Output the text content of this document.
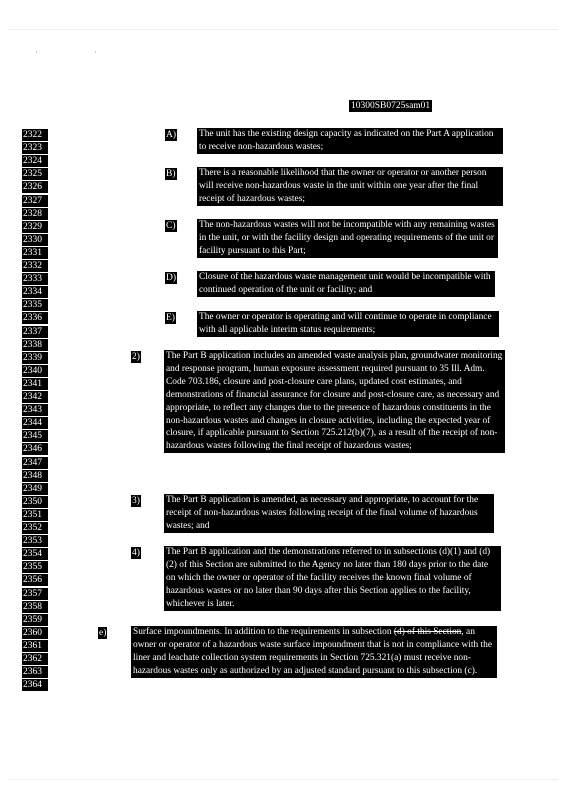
' '
10300SB0725sam01
2322
2323
2324
2325
2326
2327
2328
2329
2330
2331
2332
2333
2334
2335
2336
2337
2338
2339
2340
2341
2342
2343
2344
2345
2346
2347
2348
2349
2350
2351
2352
2353
2354
2355
2356
2357
2358
2359
2360
2361
2362
2363
2364
A) The unit has the existing design capacity as indicated on the Part A application to receive non-hazardous wastes;
B)	There is a reasonable likelihood that the owner or operator or another person will receive non-hazardous waste in the unit within one year after the final receipt of hazardous wastes;
C)	The non-hazardous wastes will not be incompatible with any remaining wastes in the unit, or with the facility design and operating requirements of the unit or facility pursuant to this Part;
D) Closure of the hazardous waste management unit would be incompatible with continued operation of the unit or facility; and
E)	The owner or operator is operating and will continue to operate in compliance with all applicable interim status requirements;
2)	The Part B application includes an amended waste analysis plan, groundwater monitoring and response program, human exposure assessment required pursuant to 35 Ill. Adm. Code 703.186, closure and post-closure care plans, updated cost estimates, and demonstrations of financial assurance for closure and post-closure care, as necessary and appropriate, to reflect any changes due to the presence of hazardous constituents in the non-hazardous wastes and changes in closure activities, including the expected year of closure, if applicable pursuant to Section 725.212(b)(7), as a result of the receipt of non-hazardous wastes following the final receipt of hazardous wastes;
3)	The Part B application is amended, as necessary and appropriate, to account for the receipt of non-hazardous wastes following receipt of the final volume of hazardous wastes; and
4)	The Part B application and the demonstrations referred to in subsections (d)(1) and (d)(2) of this Section are submitted to the Agency no later than 180 days prior to the date on which the owner or operator of the facility receives the known final volume of hazardous wastes or no later than 90 days after this Section applies to the facility, whichever is later.
e)	Surface impoundments. In addition to the requirements in subsection (d) of this Section, an owner or operator of a hazardous waste surface impoundment that is not in compliance with the liner and leachate collection system requirements in Section 725.321(a) must receive non-hazardous wastes only as authorized by an adjusted standard pursuant to this subsection (c).
